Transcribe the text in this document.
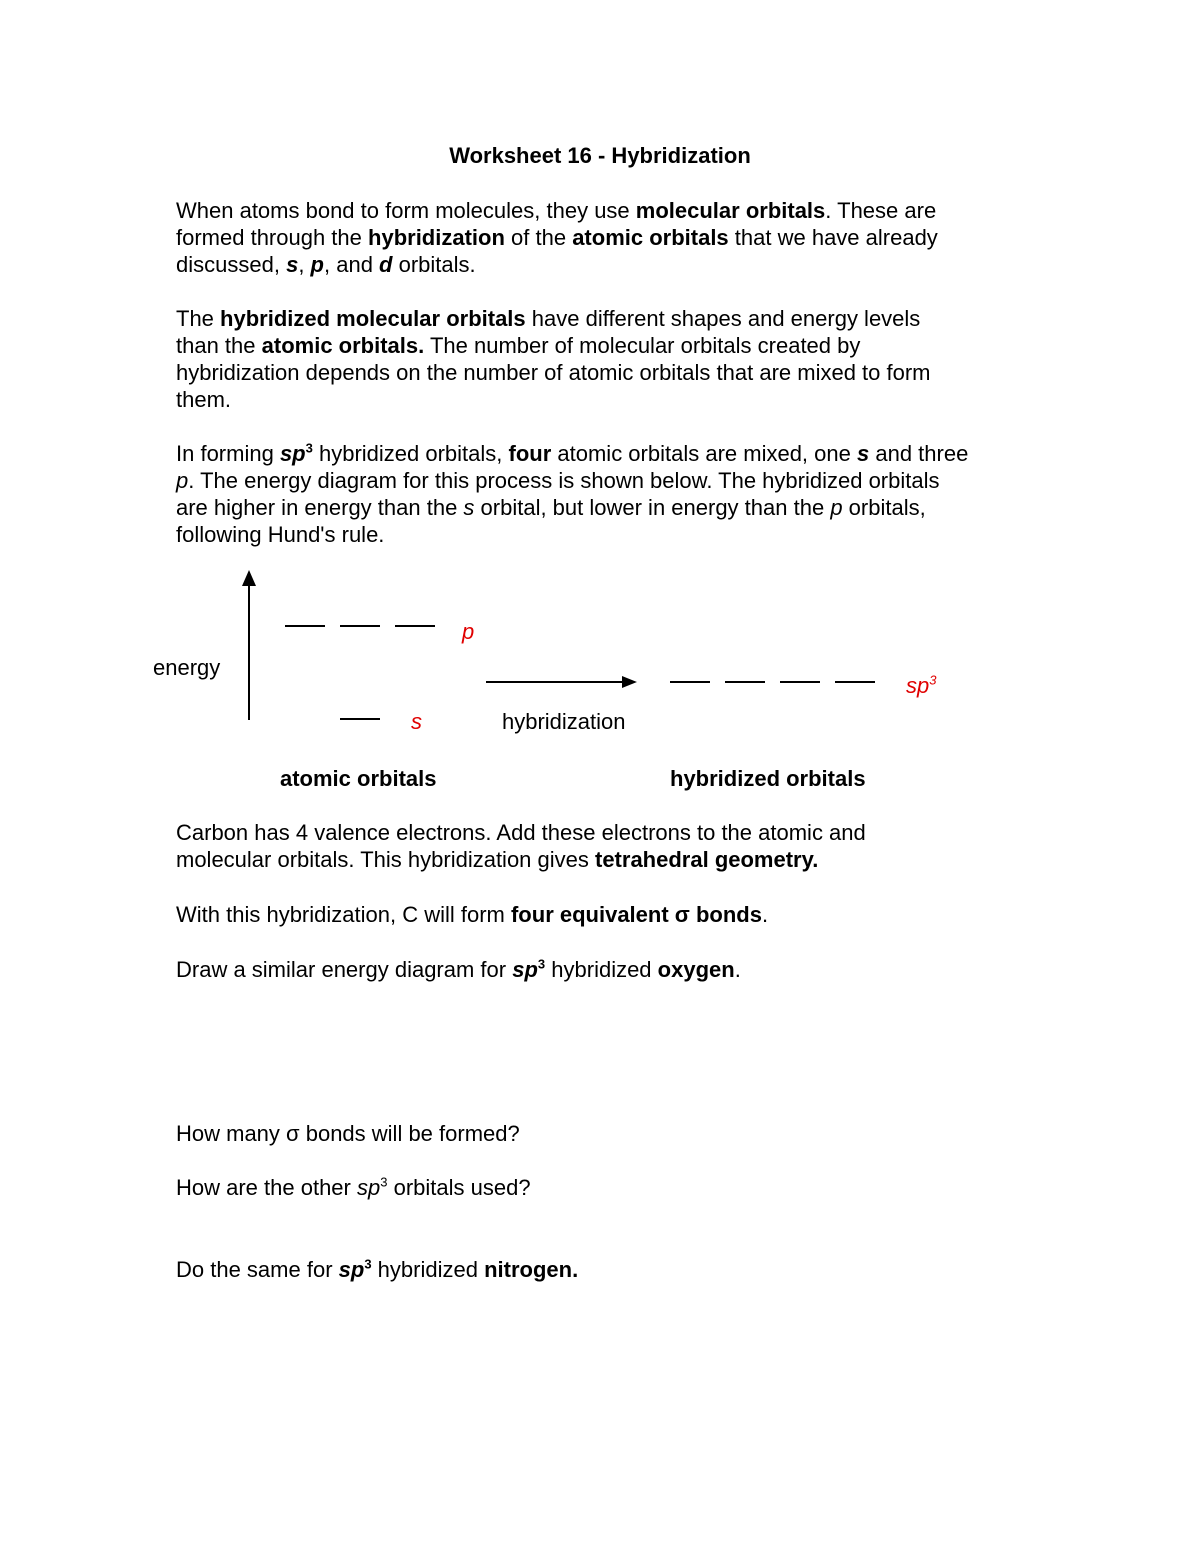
Worksheet 16 - Hybridization
When atoms bond to form molecules, they use molecular orbitals. These are
formed through the hybridization of the atomic orbitals that we have already
discussed, s, p, and d orbitals.
The hybridized molecular orbitals have different shapes and energy levels
than the atomic orbitals. The number of molecular orbitals created by
hybridization depends on the number of atomic orbitals that are mixed to form
them.
In forming $sp^3$ hybridized orbitals, four atomic orbitals are mixed, one s and three
p. The energy diagram for this process is shown below. The hybridized orbitals
are higher in energy than the s orbital, but lower in energy than the p orbitals,
following Hund's rule.
energy
p
s
$sp^3$
hybridization
atomic orbitals	hybridized orbitals
Carbon has 4 valence electrons. Add these electrons to the atomic and
molecular orbitals. This hybridization gives tetrahedral geometry.
With this hybridization, C will form four equivalent σ bonds.
Draw a similar energy diagram for $sp^3$ hybridized oxygen.
How many σ bonds will be formed?
How are the other $sp^3$ orbitals used?
Do the same for $sp^3$ hybridized nitrogen.
